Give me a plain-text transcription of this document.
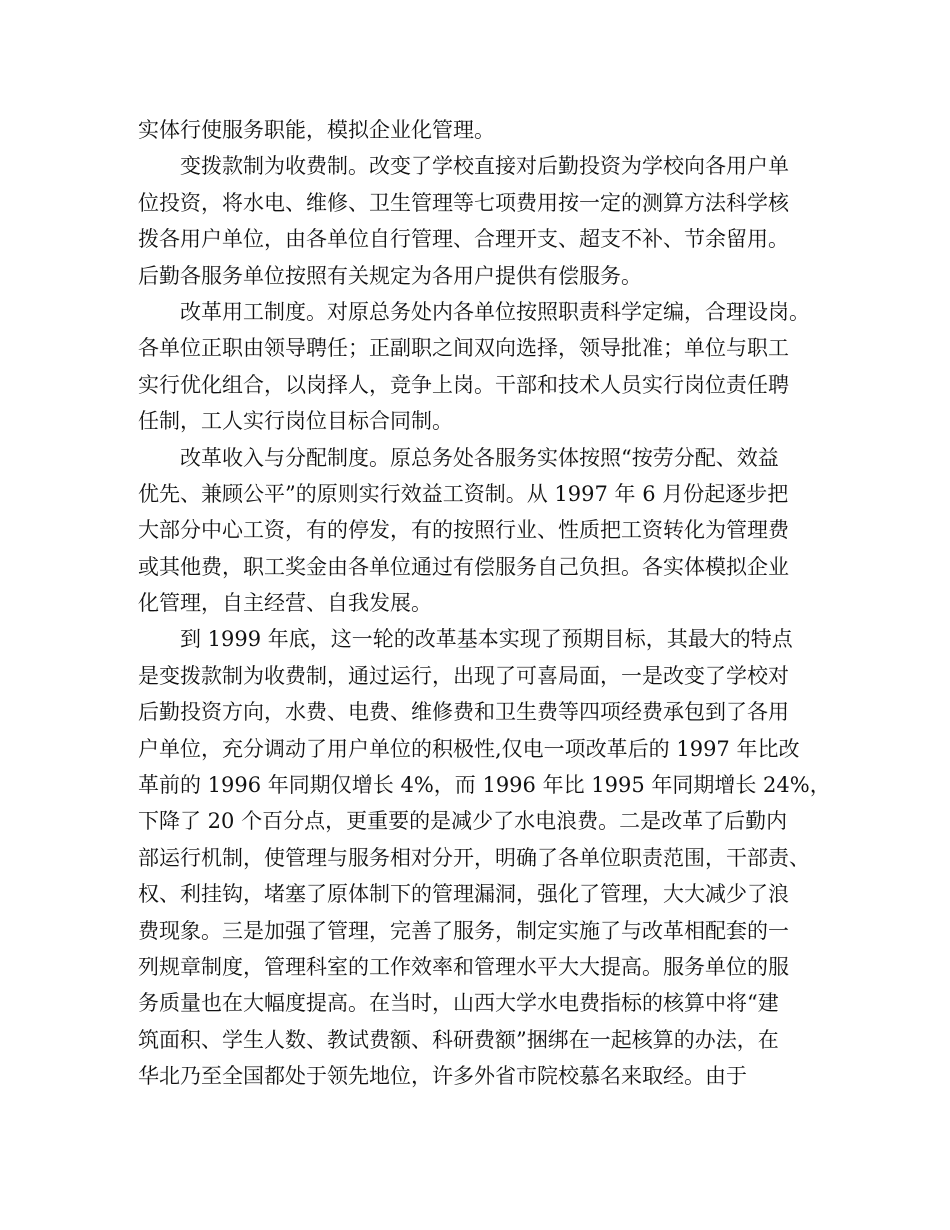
实体行使服务职能，模拟企业化管理。
变拨款制为收费制。改变了学校直接对后勤投资为学校向各用户单
位投资，将水电、维修、卫生管理等七项费用按一定的测算方法科学核
拨各用户单位，由各单位自行管理、合理开支、超支不补、节余留用。
后勤各服务单位按照有关规定为各用户提供有偿服务。
改革用工制度。对原总务处内各单位按照职责科学定编，合理设岗。
各单位正职由领导聘任；正副职之间双向选择，领导批准；单位与职工
实行优化组合，以岗择人，竞争上岗。干部和技术人员实行岗位责任聘
任制，工人实行岗位目标合同制。
改革收入与分配制度。原总务处各服务实体按照“按劳分配、效益
优先、兼顾公平”的原则实行效益工资制。从 1997 年 6 月份起逐步把
大部分中心工资，有的停发，有的按照行业、性质把工资转化为管理费
或其他费，职工奖金由各单位通过有偿服务自己负担。各实体模拟企业
化管理，自主经营、自我发展。
到 1999 年底，这一轮的改革基本实现了预期目标，其最大的特点
是变拨款制为收费制，通过运行，出现了可喜局面，一是改变了学校对
后勤投资方向，水费、电费、维修费和卫生费等四项经费承包到了各用
户单位，充分调动了用户单位的积极性,仅电一项改革后的 1997 年比改
革前的 1996 年同期仅增长 4%，而 1996 年比 1995 年同期增长 24%，
下降了 20 个百分点，更重要的是减少了水电浪费。二是改革了后勤内
部运行机制，使管理与服务相对分开，明确了各单位职责范围，干部责、
权、利挂钩，堵塞了原体制下的管理漏洞，强化了管理，大大减少了浪
费现象。三是加强了管理，完善了服务，制定实施了与改革相配套的一
列规章制度，管理科室的工作效率和管理水平大大提高。服务单位的服
务质量也在大幅度提高。在当时，山西大学水电费指标的核算中将“建
筑面积、学生人数、教试费额、科研费额”捆绑在一起核算的办法，在
华北乃至全国都处于领先地位，许多外省市院校慕名来取经。由于
